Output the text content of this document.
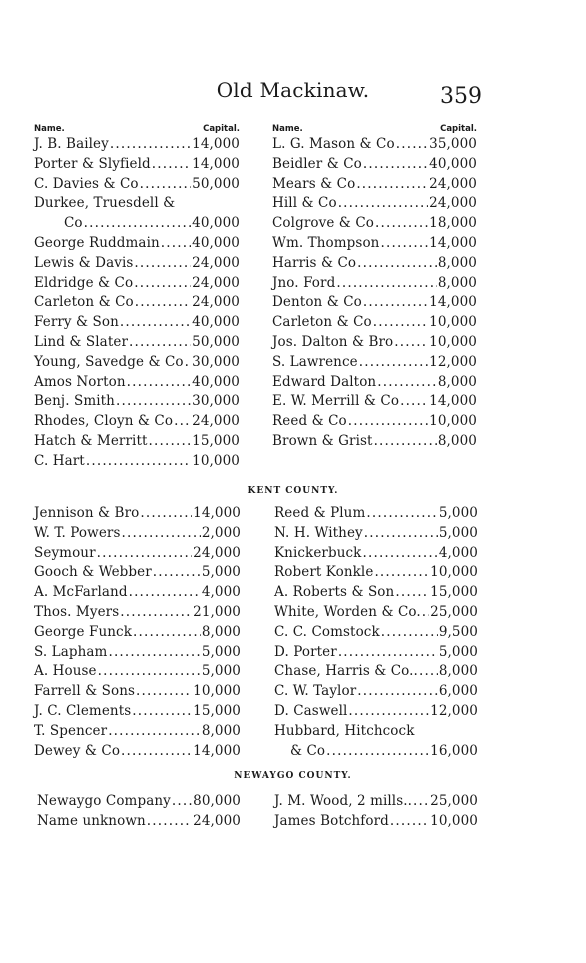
Old Mackinaw.	359
Name.	Capital.
J. B. Bailey .....	14,000
Porter & Slyfield .....	14,000
C. Davies & Co .....	50,000
Durkee, Truesdell &
Co .....	40,000
George Ruddmain ..... 40,000
Lewis & Davis .....	24,000
Eldridge & Co .....	24,000
Carleton & Co .....	24,000
Ferry & Son .....	40,000
Lind & Slater .....	50,000
Young, Savedge & Co ..... 30,000
Amos Norton .....	40,000
Benj. Smith .....	30,000
Rhodes, Cloyn & Co ..... 24,000
Hatch & Merritt .....	15,000
C. Hart .....	10,000
Name.	Capital.
L. G. Mason & Co .....	35,000
Beidler & Co .....	40,000
Mears & Co .....	24,000
Hill & Co .....	24,000
Colgrove & Co .....	18,000
Wm. Thompson .....	14,000
Harris & Co .....	8,000
Jno. Ford .....	8,000
Denton & Co .....	14,000
Carleton & Co .....	10,000
Jos. Dalton & Bro .....	10,000
S. Lawrence .....	12,000
Edward Dalton .....	8,000
E. W. Merrill & Co ..... 14,000
Reed & Co .....	10,000
Brown & Grist .....	8,000
KENT COUNTY.
Jennison & Bro .....	14,000
W. T. Powers .....	2,000
Seymour .....	24,000
Gooch & Webber .....	5,000
A. McFarland .....	4,000
Thos. Myers .....	21,000
George Funck .....	8,000
S. Lapham .....	5,000
A. House .....	5,000
Farrell & Sons .....	10,000
J. C. Clements .....	15,000
T. Spencer .....	8,000
Dewey & Co .....	14,000
Reed & Plum .....	5,000
N. H. Withey .....	5,000
Knickerbuck .....	4,000
Robert Konkle .....	10,000
A. Roberts & Son .....	15,000
White, Worden & Co. ..... 25,000
C. C. Comstock .....	9,500
D. Porter .....	5,000
Chase, Harris & Co.. ..... 8,000
C. W. Taylor .....	6,000
D. Caswell .....	12,000
Hubbard, Hitchcock
& Co .....	16,000
NEWAYGO COUNTY.
Newaygo Company ..... 80,000
Name unknown .....	24,000
J. M. Wood, 2 mills.. ..... 25,000
James Botchford .....	10,000
